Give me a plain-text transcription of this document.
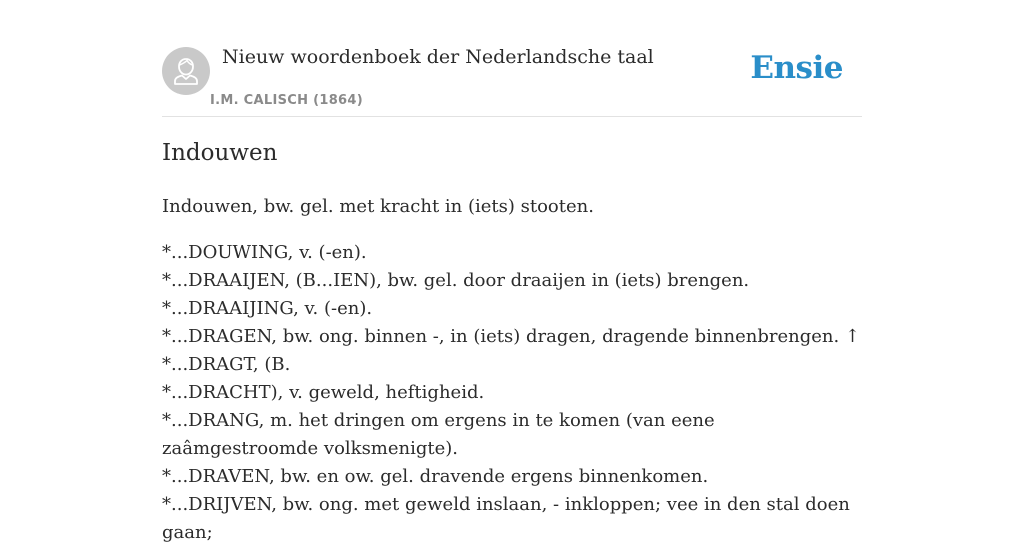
Nieuw woordenboek der Nederlandsche taal
I.M. CALISCH (1864)
Ensie
Indouwen

Indouwen, bw. gel. met kracht in (iets) stooten.

*...DOUWING, v. (-en).
*...DRAAIJEN, (B...IEN), bw. gel. door draaijen in (iets) brengen.
*...DRAAIJING, v. (-en).
*...DRAGEN, bw. ong. binnen -, in (iets) dragen, dragende binnenbrengen. ↑
*...DRAGT, (B.
*...DRACHT), v. geweld, heftigheid.
*...DRANG, m. het dringen om ergens in te komen (van eene zaâmgestroomde volksmenigte).
*...DRAVEN, bw. en ow. gel. dravende ergens binnenkomen.
*...DRIJVEN, bw. ong. met geweld inslaan, - inkloppen; vee in den stal doen gaan;
